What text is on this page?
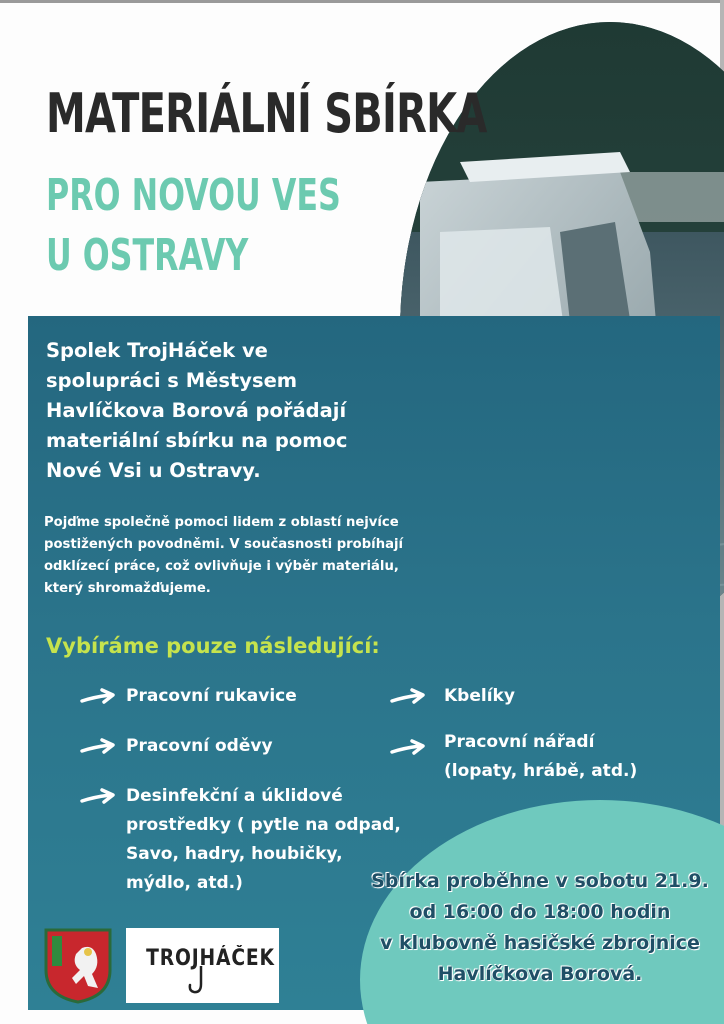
MATERIÁLNÍ SBÍRKA
PRO NOVOU VES
U OSTRAVY
Spolek TrojHáček ve
spolupráci s Městysem
Havlíčkova Borová pořádají
materiální sbírku na pomoc
Nové Vsi u Ostravy.
Pojďme společně pomoci lidem z oblastí nejvíce
postižených povodněmi. V současnosti probíhají
odklízecí práce, což ovlivňuje i výběr materiálu,
který shromažďujeme.
Vybíráme pouze následující:
Pracovní rukavice
Pracovní oděvy
Desinfekční a úklidové
prostředky ( pytle na odpad,
Savo, hadry, houbičky,
mýdlo, atd.)
Kbelíky
Pracovní nářadí
(lopaty, hrábě, atd.)
Sbírka proběhne v sobotu 21.9.
od 16:00 do 18:00 hodin
v klubovně hasičské zbrojnice
Havlíčkova Borová.
TROJHÁČEK
